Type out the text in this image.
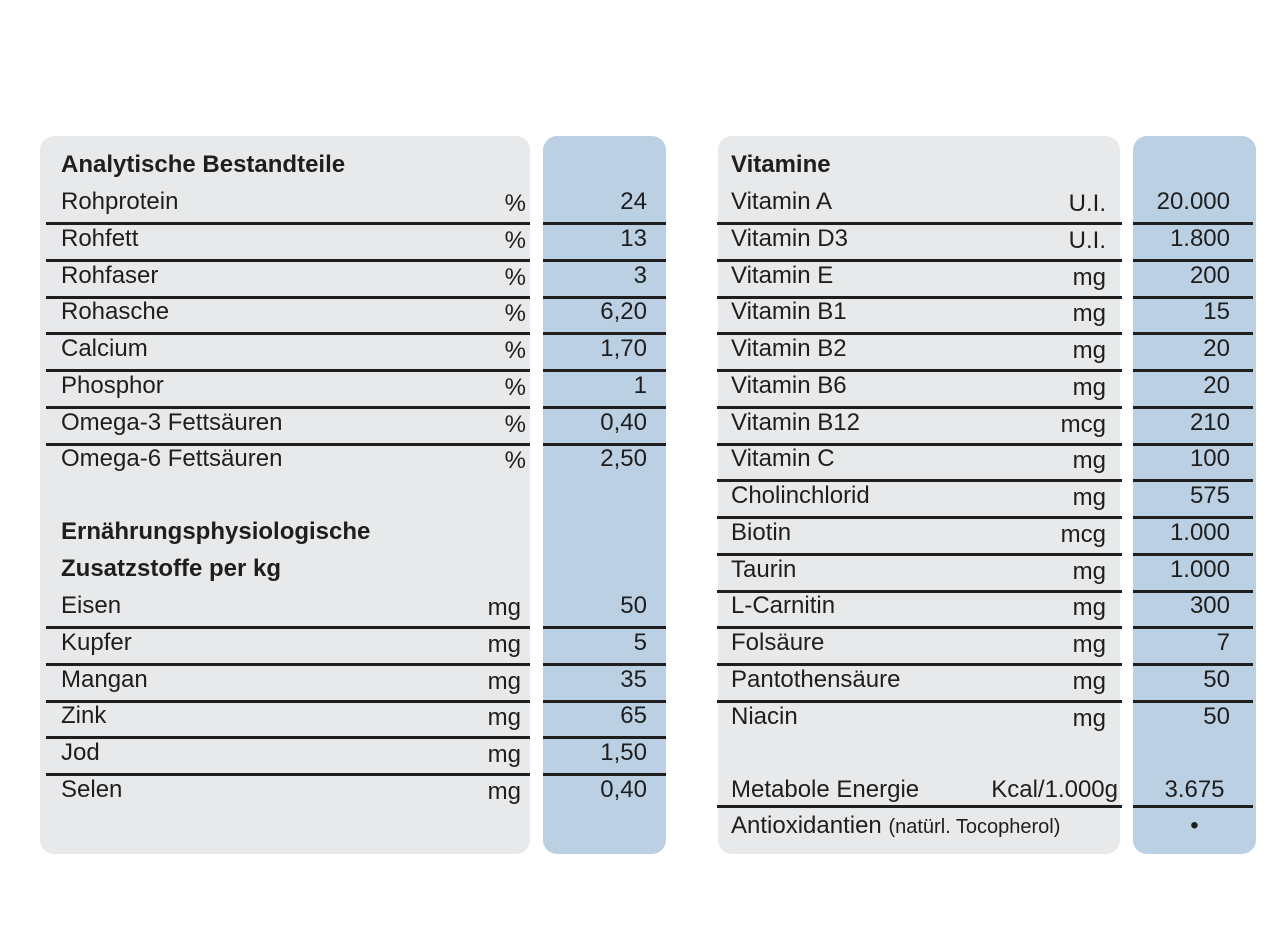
Analytische Bestandteile	Vitamine
Rohprotein	%	24
Rohfett	%	13
Rohfaser	%	3
Rohasche	%	6,20
Calcium	%	1,70
Phosphor	%	1
Omega-3 Fettsäuren	%	0,40
Omega-6 Fettsäuren	%	2,50
Ernährungsphysiologische
Zusatzstoffe per kg
Eisen	mg	50
Kupfer	mg	5
Mangan	mg	35
Zink	mg	65
Jod	mg	1,50
Selen	mg	0,40
Vitamin A	U.I.	20.000
Vitamin D3	U.I.	1.800
Vitamin E	mg	200
Vitamin B1	mg	15
Vitamin B2	mg	20
Vitamin B6	mg	20
Vitamin B12	mcg	210
Vitamin C	mg	100
Cholinchlorid	mg	575
Biotin	mcg	1.000
Taurin	mg	1.000
L-Carnitin	mg	300
Folsäure	mg	7
Pantothensäure	mg	50
Niacin	mg	50
Metabole Energie	Kcal/1.000g	3.675
Antioxidantien (natürl. Tocopherol)	•
